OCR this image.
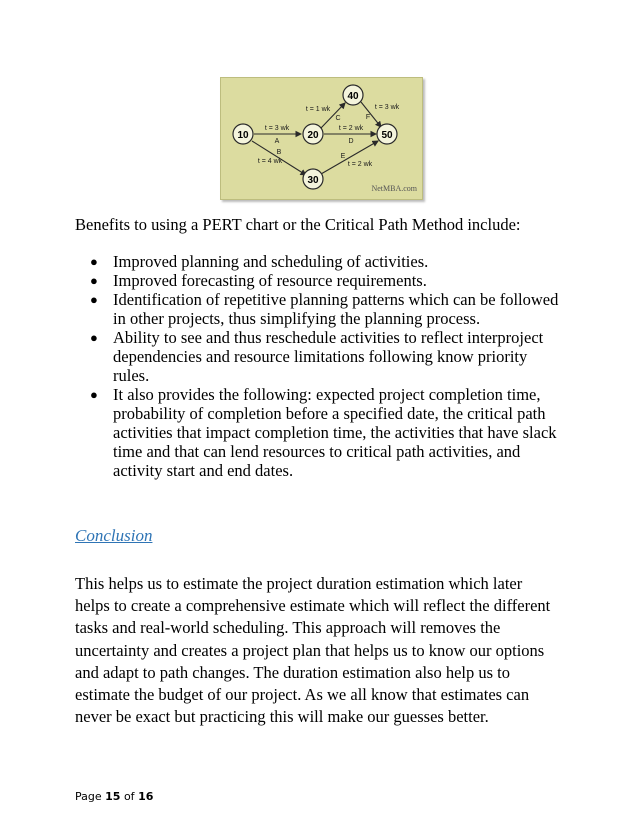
10	20
30
40
50
t = 3 wk
A
B
t = 4 wk
t = 1 wk
C
t = 2 wk
D
E
t = 2 wk
t = 3 wk
F
NetMBA.com
Benefits to using a PERT chart or the Critical Path Method include:
● Improved planning and scheduling of activities.
● Improved forecasting of resource requirements.
● Identification of repetitive planning patterns which can be followed
in other projects, thus simplifying the planning process.
● Ability to see and thus reschedule activities to reflect interproject
dependencies and resource limitations following know priority
rules.
● It also provides the following: expected project completion time,
probability of completion before a specified date, the critical path
activities that impact completion time, the activities that have slack
time and that can lend resources to critical path activities, and
activity start and end dates.
Conclusion
This helps us to estimate the project duration estimation which later
helps to create a comprehensive estimate which will reflect the different
tasks and real-world scheduling. This approach will removes the
uncertainty and creates a project plan that helps us to know our options
and adapt to path changes. The duration estimation also help us to
estimate the budget of our project. As we all know that estimates can
never be exact but practicing this will make our guesses better.
Page 15 of 16
